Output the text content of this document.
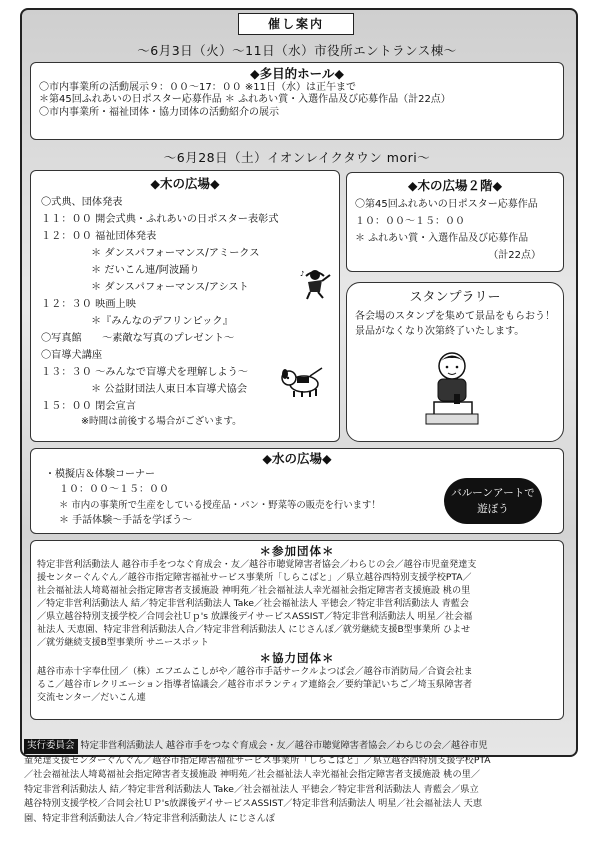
催し案内
～6月3日（火）～11日（水）市役所エントランス棟～
◆多目的ホール◆
〇市内事業所の活動展示９：００～17：００ ※11日（水）は正午まで
＊第45回ふれあいの日ポスター応募作品 ＊ ふれあい賞・入選作品及び応募作品（計22点）
〇市内事業所・福祉団体・協力団体の活動紹介の展示
～6月28日（土）イオンレイクタウン mori～
◆木の広場◆
〇式典、団体発表
１１：００ 開会式典・ふれあいの日ポスター表彰式
１２：００ 福祉団体発表
＊ ダンスパフォーマンス/アミークス
＊ だいこん連/阿波踊り
＊ ダンスパフォーマンス/アシスト
１２：３０ 映画上映
＊『みんなのデフリンピック』
〇写真館　　～素敵な写真のプレゼント～
〇盲導犬講座
１３：３０ ～みんなで盲導犬を理解しよう～
＊ 公益財団法人東日本盲導犬協会
１５：００ 閉会宣言
※時間は前後する場合がございます。
♪
◆木の広場２階◆
〇第45回ふれあいの日ポスター応募作品
１０：００～１５：００
＊ ふれあい賞・入選作品及び応募作品
（計22点）
スタンプラリー
各会場のスタンプを集めて景品をもらおう！
景品がなくなり次第終了いたします。
◆水の広場◆
・模擬店＆体験コーナー
１０：００～１５：００
＊ 市内の事業所で生産をしている授産品・パン・野菜等の販売を行います！
＊ 手話体験～手話を学ぼう～
バルーンアートで
遊ぼう
＊参加団体＊
特定非営利活動法人 越谷市手をつなぐ育成会・友／越谷市聴覚障害者協会／わらじの会／越谷市児童発達支
援センターぐんぐん／越谷市指定障害福祉サービス事業所「しらこばと」／県立越谷西特別支援学校PTA／
社会福祉法人埼葛福祉会指定障害者支援施設 神明苑／社会福祉法人幸光福祉会指定障害者支援施設 桃の里
／特定非営利活動法人 結／特定非営利活動法人 Take／社会福祉法人 平徳会／特定非営利活動法人 青藍会
／県立越谷特別支援学校／合同会社Ｕｐ's 放課後デイサービスASSIST／特定非営利活動法人 明星／社会福
祉法人 天恵園、特定非営利活動法人合／特定非営利活動法人 にじさんぽ／就労継続支援B型事業所 ひよせ
／就労継続支援B型事業所 サニースポット
＊協力団体＊
越谷市赤十字奉仕団／（株）エフエムこしがや／越谷市手話サークルよつば会／越谷市消防局／合資会社ま
るこ／越谷市レクリエーション指導者協議会／越谷市ボランティア連絡会／要約筆記いちご／埼玉県障害者
交流センター／だいこん連
実行委員会 特定非営利活動法人 越谷市手をつなぐ育成会・友／越谷市聴覚障害者協会／わらじの会／越谷市児
童発達支援センターぐんぐん／越谷市指定障害福祉サービス事業所「しらこばと」／県立越谷西特別支援学校PTA
／社会福祉法人埼葛福祉会指定障害者支援施設 神明苑／社会福祉法人幸光福祉会指定障害者支援施設 桃の里／
特定非営利活動法人 結／特定非営利活動法人 Take／社会福祉法人 平徳会／特定非営利活動法人 青藍会／県立
越谷特別支援学校／合同会社ＵＰ's放課後デイサービスASSIST／特定非営利活動法人 明星／社会福祉法人 天恵
園、特定非営利活動法人合／特定非営利活動法人 にじさんぽ
